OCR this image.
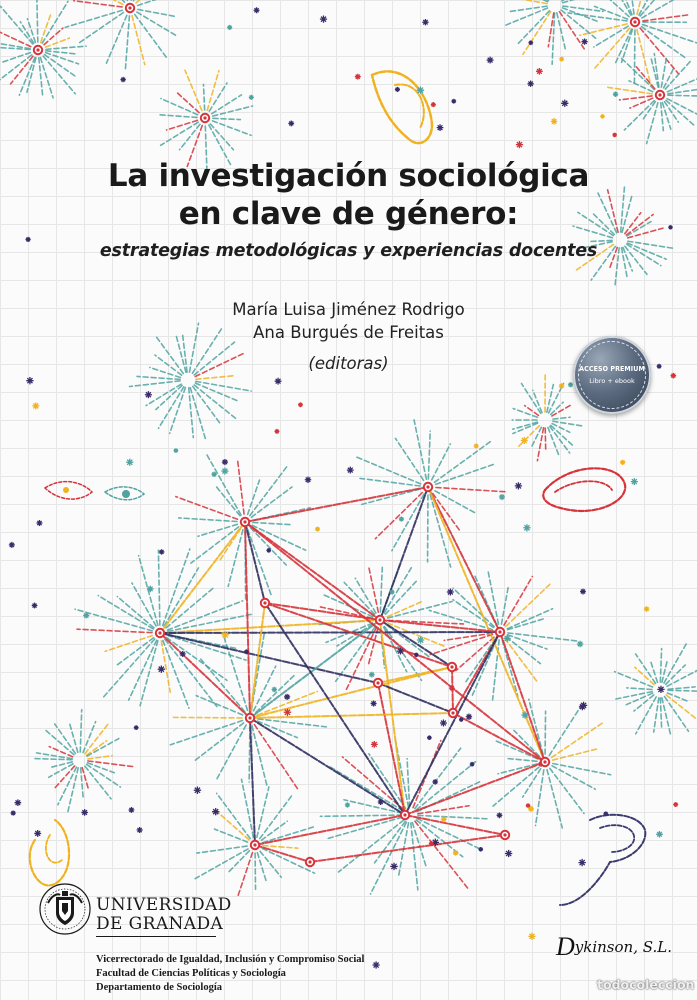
La investigación sociológica
en clave de género:
estrategias metodológicas y experiencias docentes
María Luisa Jiménez Rodrigo
Ana Burgués de Freitas
(editoras)	ACCESO PREMIUM
Libro + ebook
UNIVERSIDAD
DE GRANADA
Vicerrectorado de Igualdad, Inclusión y Compromiso Social
Facultad de Ciencias Políticas y Sociología
Departamento de Sociología
Dykinson, S.L.
todocoleccion
